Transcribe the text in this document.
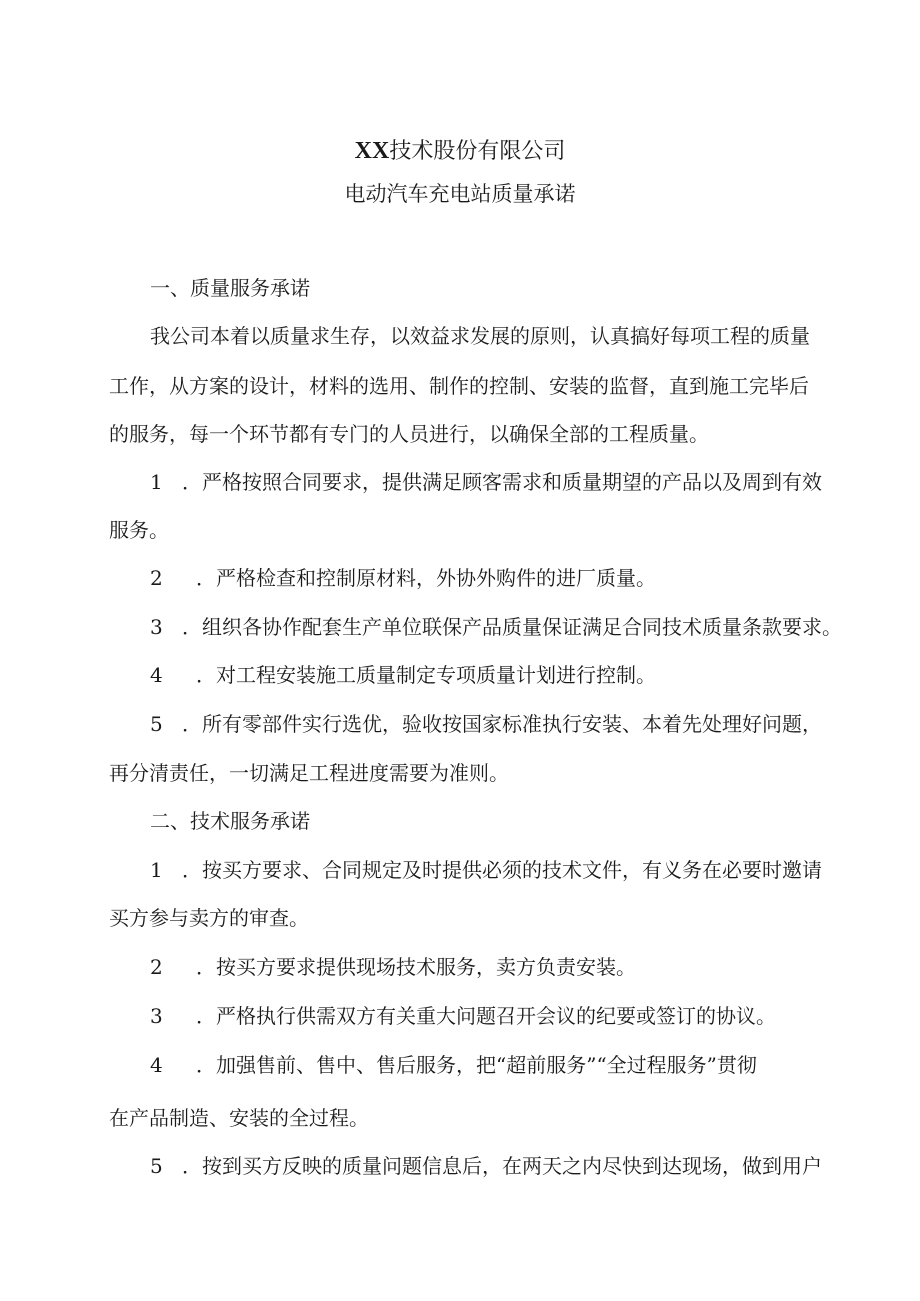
XX技术股份有限公司
电动汽车充电站质量承诺
一、质量服务承诺
我公司本着以质量求生存，以效益求发展的原则，认真搞好每项工程的质量
工作，从方案的设计，材料的选用、制作的控制、安装的监督，直到施工完毕后
的服务，每一个环节都有专门的人员进行，以确保全部的工程质量。
1 ．严格按照合同要求，提供满足顾客需求和质量期望的产品以及周到有效
服务。
2 ．严格检查和控制原材料，外协外购件的进厂质量。
3 ．组织各协作配套生产单位联保产品质量保证满足合同技术质量条款要求。
4 ．对工程安装施工质量制定专项质量计划进行控制。
5 ．所有零部件实行选优，验收按国家标准执行安装、本着先处理好问题，
再分清责任，一切满足工程进度需要为准则。
二、技术服务承诺
1 ．按买方要求、合同规定及时提供必须的技术文件，有义务在必要时邀请
买方参与卖方的审查。
2 ．按买方要求提供现场技术服务，卖方负责安装。
3 ．严格执行供需双方有关重大问题召开会议的纪要或签订的协议。
4 ．加强售前、售中、售后服务，把“超前服务”“全过程服务”贯彻
在产品制造、安装的全过程。
5 ．按到买方反映的质量问题信息后，在两天之内尽快到达现场，做到用户
